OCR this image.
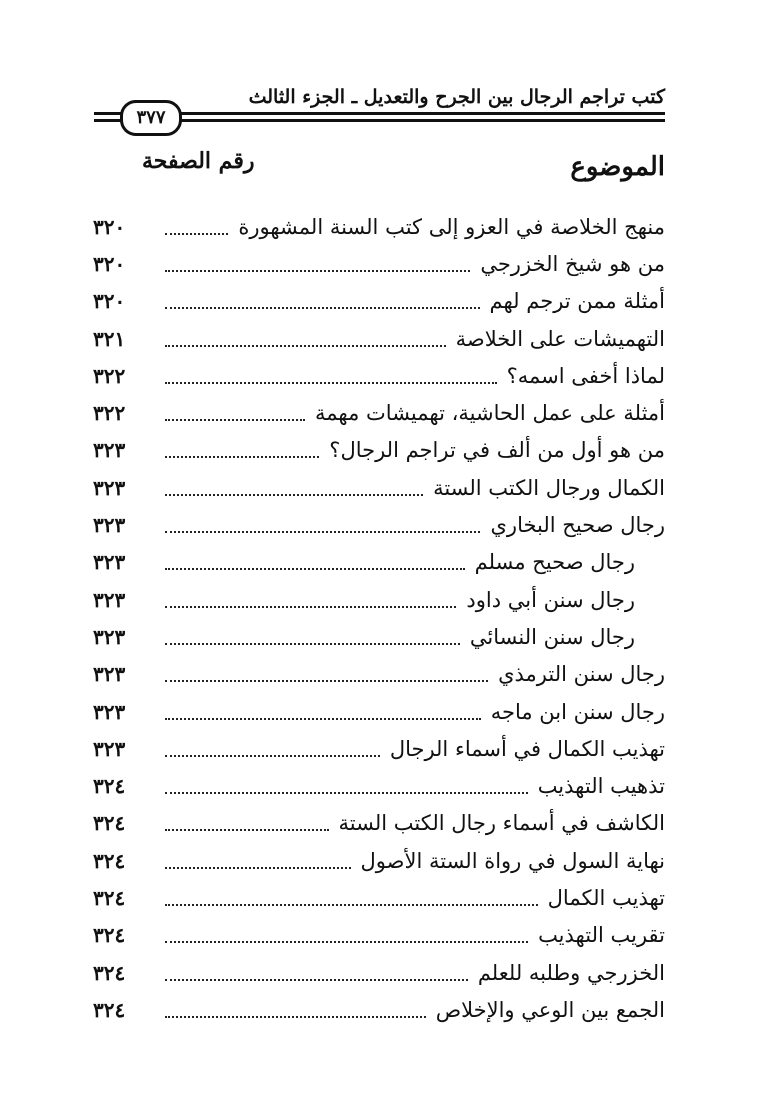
كتب تراجم الرجال بين الجرح والتعديل ـ الجزء الثالث
٣٧٧
الموضوع
رقم الصفحة
منهج الخلاصة في العزو إلى كتب السنة المشهورة
٣٢٠
من هو شيخ الخزرجي
٣٢٠
أمثلة ممن ترجم لهم
٣٢٠
التهميشات على الخلاصة
٣٢١
لماذا أخفى اسمه؟
٣٢٢
أمثلة على عمل الحاشية، تهميشات مهمة
٣٢٢
من هو أول من ألف في تراجم الرجال؟
٣٢٣
الكمال ورجال الكتب الستة
٣٢٣
رجال صحيح البخاري
٣٢٣
رجال صحيح مسلم
٣٢٣
رجال سنن أبي داود
٣٢٣
رجال سنن النسائي
٣٢٣
رجال سنن الترمذي
٣٢٣
رجال سنن ابن ماجه
٣٢٣
تهذيب الكمال في أسماء الرجال
٣٢٣
تذهيب التهذيب
٣٢٤
الكاشف في أسماء رجال الكتب الستة
٣٢٤
نهاية السول في رواة الستة الأصول
٣٢٤
تهذيب الكمال
٣٢٤
تقريب التهذيب
٣٢٤
الخزرجي وطلبه للعلم
٣٢٤
الجمع بين الوعي والإخلاص
٣٢٤
